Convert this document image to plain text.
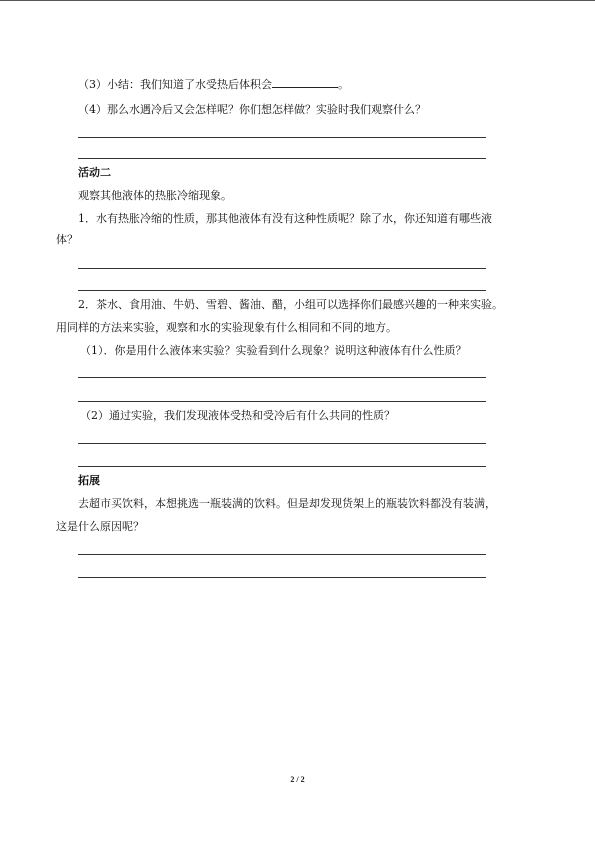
（3）小结：我们知道了水受热后体积会	。
（4）那么水遇冷后又会怎样呢？你们想怎样做？实验时我们观察什么？
活动二
观察其他液体的热胀冷缩现象。
1．水有热胀冷缩的性质，那其他液体有没有这种性质呢？除了水，你还知道有哪些液
体？
2．茶水、食用油、牛奶、雪碧、酱油、醋，小组可以选择你们最感兴趣的一种来实验。
用同样的方法来实验，观察和水的实验现象有什么相同和不同的地方。
（1）．你是用什么液体来实验？实验看到什么现象？说明这种液体有什么性质？
（2）通过实验，我们发现液体受热和受冷后有什么共同的性质？
拓展
去超市买饮料，本想挑选一瓶装满的饮料。但是却发现货架上的瓶装饮料都没有装满，
这是什么原因呢？
2 / 2
